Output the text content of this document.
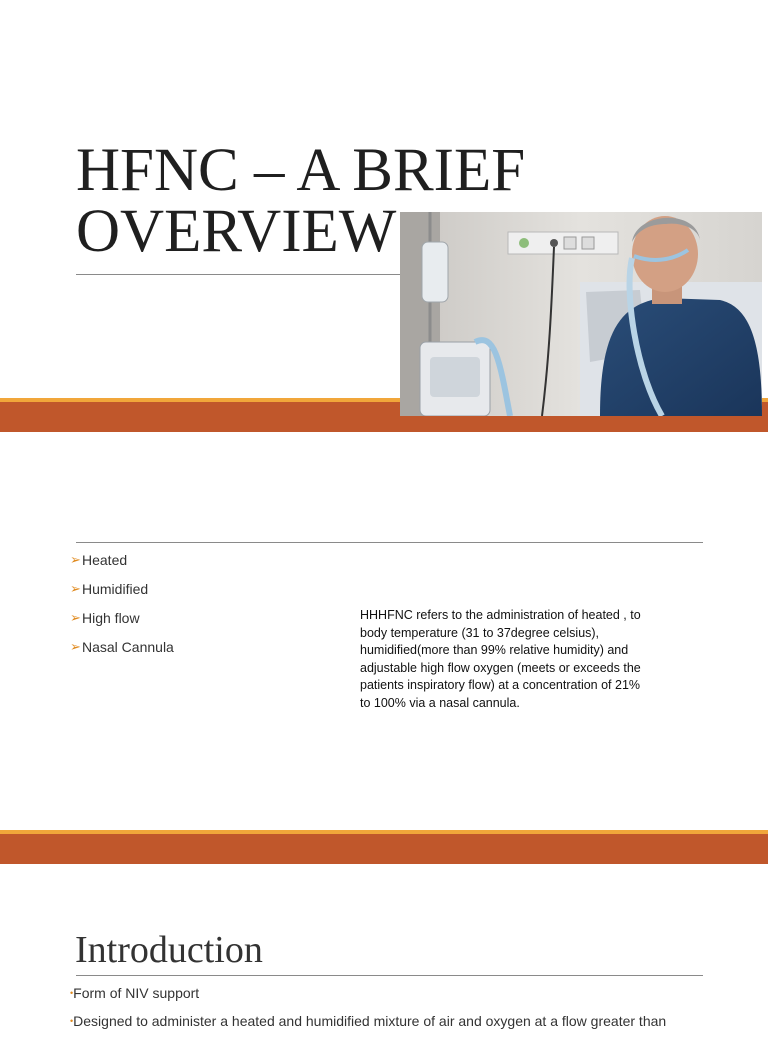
HFNC – A BRIEF
OVERVIEW
➢ Heated
➢ Humidified
➢ High flow
➢ Nasal Cannula

HHHFNC refers to the administration of heated , to body temperature (31 to 37degree celsius), humidified(more than 99% relative humidity) and adjustable high flow oxygen (meets or exceeds the patients inspiratory flow) at a concentration of 21% to 100% via a nasal cannula.

Introduction
•Form of NIV support
•Designed to administer a heated and humidified mixture of air and oxygen at a flow greater than
